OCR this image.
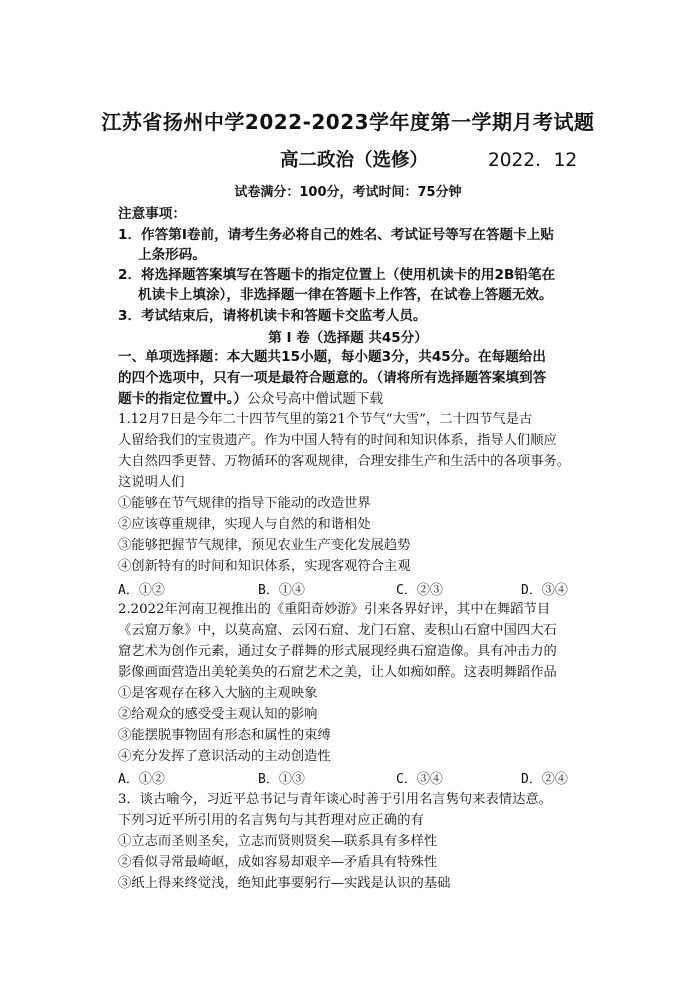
江苏省扬州中学2022-2023学年度第一学期月考试题
高二政治（选修）	2022．12
试卷满分：100分，考试时间：75分钟
注意事项：
1．作答第Ⅰ卷前，请考生务必将自己的姓名、考试证号等写在答题卡上贴
上条形码。
2．将选择题答案填写在答题卡的指定位置上（使用机读卡的用2B铅笔在
机读卡上填涂），非选择题一律在答题卡上作答，在试卷上答题无效。
3．考试结束后，请将机读卡和答题卡交监考人员。
第 Ⅰ 卷（选择题 共45分）
一、单项选择题：本大题共15小题，每小题3分，共45分。在每题给出
的四个选项中，只有一项是最符合题意的。（请将所有选择题答案填到答
题卡的指定位置中。）公众号高中僧试题下载
1.12月7日是今年二十四节气里的第21个节气“大雪”，二十四节气是古
人留给我们的宝贵遗产。作为中国人特有的时间和知识体系，指导人们顺应
大自然四季更替、万物循环的客观规律，合理安排生产和生活中的各项事务。
这说明人们
①能够在节气规律的指导下能动的改造世界
②应该尊重规律，实现人与自然的和谐相处
③能够把握节气规律，预见农业生产变化发展趋势
④创新特有的时间和知识体系，实现客观符合主观
A．①②	B．①④	C．②③	D．③④
2.2022年河南卫视推出的《重阳奇妙游》引来各界好评，其中在舞蹈节目
《云窟万象》中，以莫高窟、云冈石窟、龙门石窟、麦积山石窟中国四大石
窟艺术为创作元素，通过女子群舞的形式展现经典石窟造像。具有冲击力的
影像画面营造出美轮美奂的石窟艺术之美，让人如痴如醉。这表明舞蹈作品
①是客观存在移入大脑的主观映象
②给观众的感受受主观认知的影响
③能摆脱事物固有形态和属性的束缚
④充分发挥了意识活动的主动创造性
A．①②	B．①③	C．③④	D．②④
3．谈古喻今，习近平总书记与青年谈心时善于引用名言隽句来表情达意。
下列习近平所引用的名言隽句与其哲理对应正确的有
①立志而圣则圣矣，立志而贤则贤矣—联系具有多样性
②看似寻常最崎岖，成如容易却艰辛—矛盾具有特殊性
③纸上得来终觉浅，绝知此事要躬行—实践是认识的基础
